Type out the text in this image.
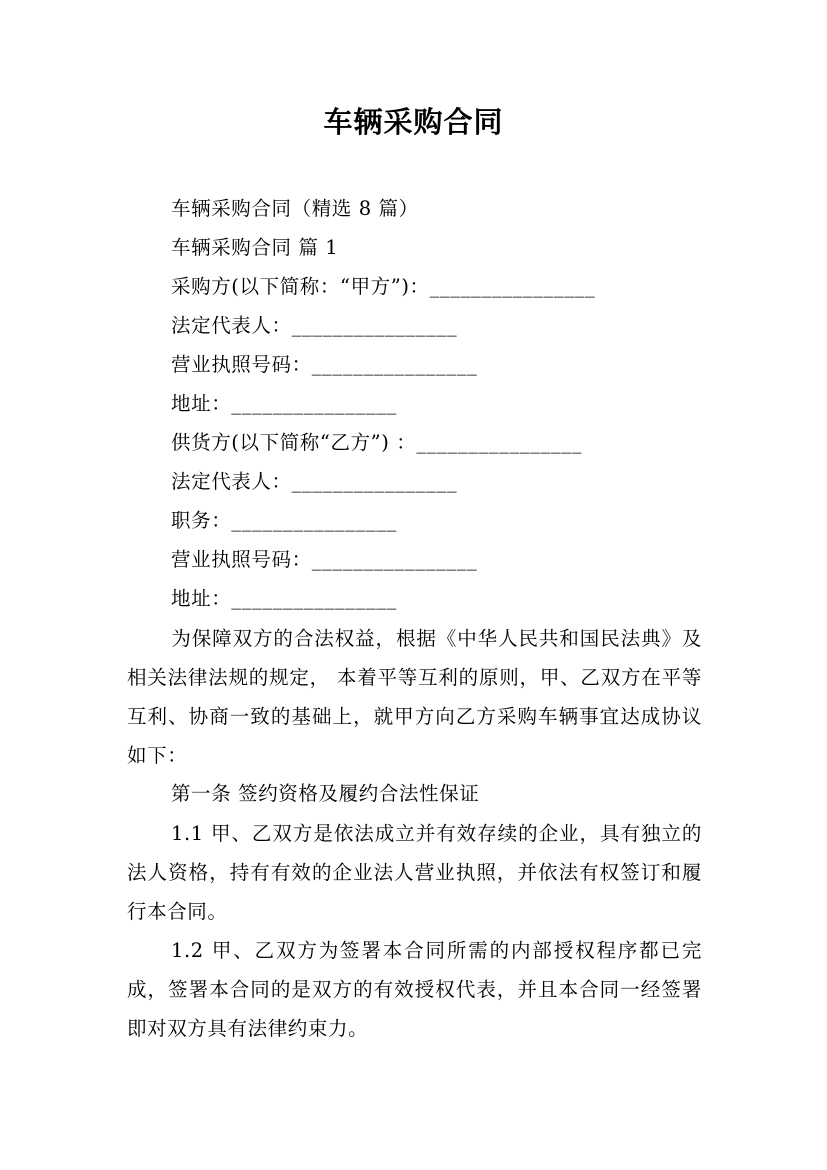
车辆采购合同
车辆采购合同（精选 8 篇）
车辆采购合同 篇 1
采购方(以下简称：“甲方”)：________________
法定代表人：________________
营业执照号码：________________
地址：________________
供货方(以下简称“乙方”) ：________________
法定代表人：________________
职务：________________
营业执照号码：________________
地址：________________
为保障双方的合法权益，根据《中华人民共和国民法典》及相关法律法规的规定， 本着平等互利的原则，甲、乙双方在平等互利、协商一致的基础上，就甲方向乙方采购车辆事宜达成协议如下：
第一条 签约资格及履约合法性保证
1.1 甲、乙双方是依法成立并有效存续的企业，具有独立的法人资格，持有有效的企业法人营业执照，并依法有权签订和履行本合同。
1.2 甲、乙双方为签署本合同所需的内部授权程序都已完成，签署本合同的是双方的有效授权代表，并且本合同一经签署即对双方具有法律约束力。
